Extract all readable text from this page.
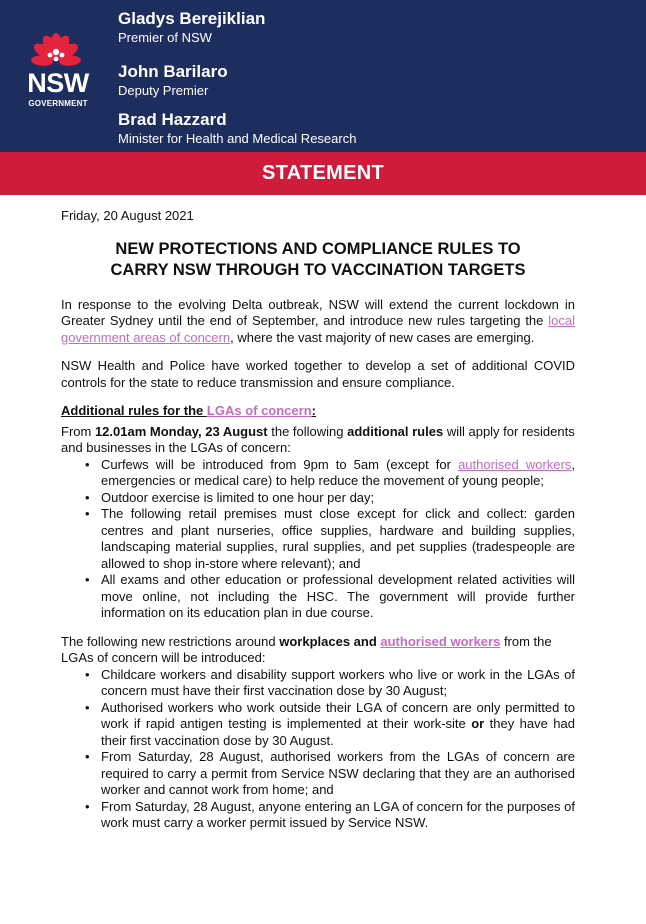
NSW
GOVERNMENT
Gladys Berejiklian
Premier of NSW
John Barilaro
Deputy Premier
Brad Hazzard
Minister for Health and Medical Research
STATEMENT

Friday, 20 August 2021

NEW PROTECTIONS AND COMPLIANCE RULES TO
CARRY NSW THROUGH TO VACCINATION TARGETS

In response to the evolving Delta outbreak, NSW will extend the current lockdown in Greater Sydney until the end of September, and introduce new rules targeting the local government areas of concern, where the vast majority of new cases are emerging.

NSW Health and Police have worked together to develop a set of additional COVID controls for the state to reduce transmission and ensure compliance.

Additional rules for the LGAs of concern:

From 12.01am Monday, 23 August the following additional rules will apply for residents and businesses in the LGAs of concern:

• Curfews will be introduced from 9pm to 5am (except for authorised workers, emergencies or medical care) to help reduce the movement of young people;
• Outdoor exercise is limited to one hour per day;
• The following retail premises must close except for click and collect: garden centres and plant nurseries, office supplies, hardware and building supplies, landscaping material supplies, rural supplies, and pet supplies (tradespeople are allowed to shop in-store where relevant); and
• All exams and other education or professional development related activities will move online, not including the HSC. The government will provide further information on its education plan in due course.

The following new restrictions around workplaces and authorised workers from the LGAs of concern will be introduced:

• Childcare workers and disability support workers who live or work in the LGAs of concern must have their first vaccination dose by 30 August;
• Authorised workers who work outside their LGA of concern are only permitted to work if rapid antigen testing is implemented at their work-site or they have had their first vaccination dose by 30 August.
• From Saturday, 28 August, authorised workers from the LGAs of concern are required to carry a permit from Service NSW declaring that they are an authorised worker and cannot work from home; and
• From Saturday, 28 August, anyone entering an LGA of concern for the purposes of work must carry a worker permit issued by Service NSW.
